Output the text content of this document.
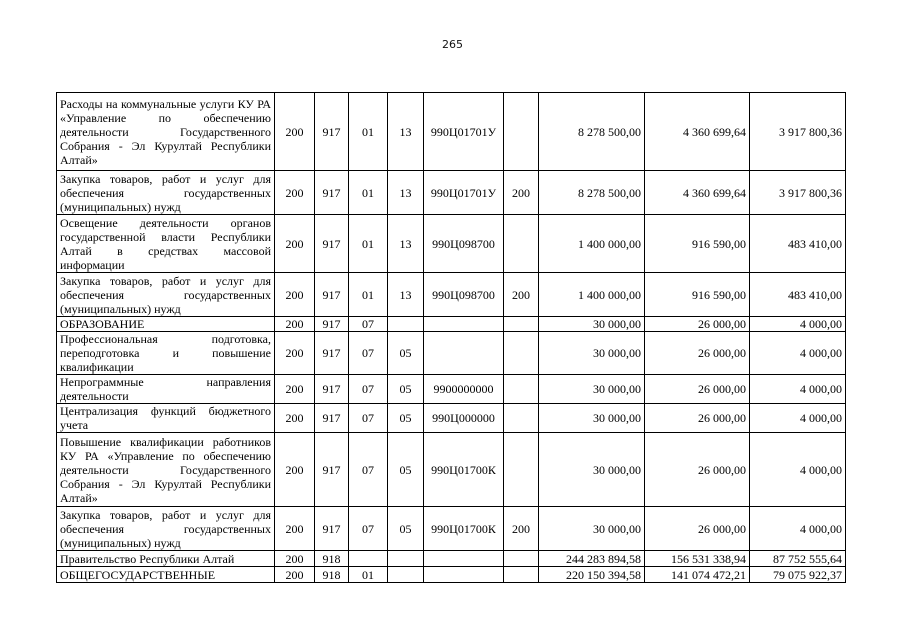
265
Расходы на коммунальные услуги КУ РА «Управление по обеспечению деятельности Государственного Собрания - Эл Курултай Республики Алтай»	200	917	01	13	990Ц01701У		8 278 500,00	4 360 699,64	3 917 800,36
Закупка товаров, работ и услуг для обеспечения государственных (муниципальных) нужд	200	917	01	13	990Ц01701У	200	8 278 500,00	4 360 699,64	3 917 800,36
Освещение деятельности органов государственной власти Республики Алтай в средствах массовой информации	200	917	01	13	990Ц098700		1 400 000,00	916 590,00	483 410,00
Закупка товаров, работ и услуг для обеспечения государственных (муниципальных) нужд	200	917	01	13	990Ц098700	200	1 400 000,00	916 590,00	483 410,00
ОБРАЗОВАНИЕ	200	917	07				30 000,00	26 000,00	4 000,00
Профессиональная подготовка, переподготовка и повышение квалификации	200	917	07	05			30 000,00	26 000,00	4 000,00
Непрограммные направления деятельности	200	917	07	05	9900000000		30 000,00	26 000,00	4 000,00
Централизация функций бюджетного учета	200	917	07	05	990Ц000000		30 000,00	26 000,00	4 000,00
Повышение квалификации работников КУ РА «Управление по обеспечению деятельности Государственного Собрания - Эл Курултай Республики Алтай»	200	917	07	05	990Ц01700К		30 000,00	26 000,00	4 000,00
Закупка товаров, работ и услуг для обеспечения государственных (муниципальных) нужд	200	917	07	05	990Ц01700К	200	30 000,00	26 000,00	4 000,00
Правительство Республики Алтай	200	918					244 283 894,58	156 531 338,94	87 752 555,64
ОБЩЕГОСУДАРСТВЕННЫЕ	200	918	01				220 150 394,58	141 074 472,21	79 075 922,37
